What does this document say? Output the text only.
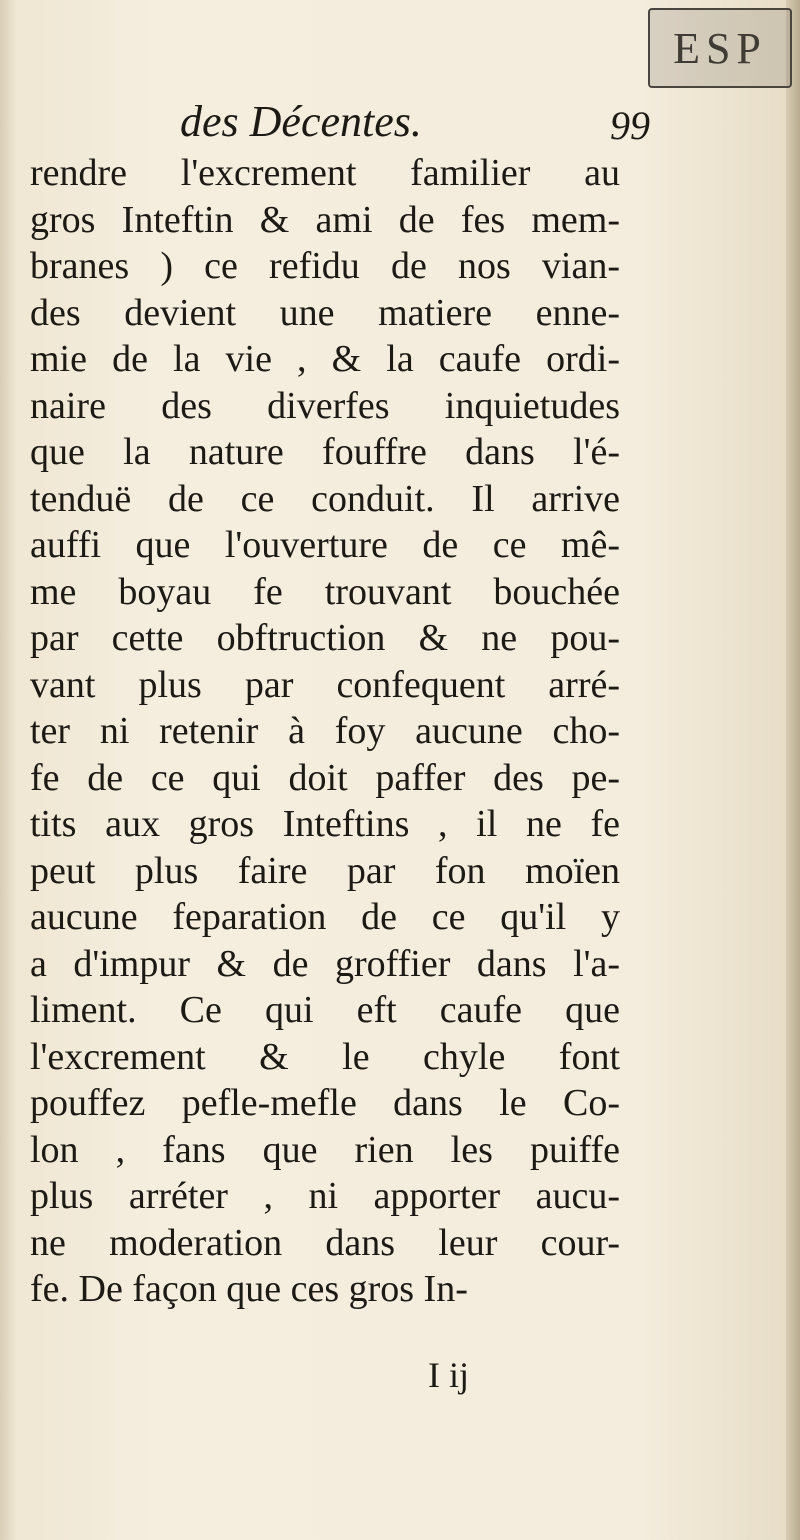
ESP
des Décentes.	99
rendre l'excrement familier au
gros Inteftin & ami de fes mem-
branes ) ce refidu de nos vian-
des devient une matiere enne-
mie de la vie , & la caufe ordi-
naire des diverfes inquietudes
que la nature fouffre dans l'é-
tenduë de ce conduit. Il arrive
auffi que l'ouverture de ce mê-
me boyau fe trouvant bouchée
par cette obftruction & ne pou-
vant plus par confequent arré-
ter ni retenir à foy aucune cho-
fe de ce qui doit paffer des pe-
tits aux gros Inteftins , il ne fe
peut plus faire par fon moïen
aucune feparation de ce qu'il y
a d'impur & de groffier dans l'a-
liment. Ce qui eft caufe que
l'excrement & le chyle font
pouffez pefle-mefle dans le Co-
lon , fans que rien les puiffe
plus arréter , ni apporter aucu-
ne moderation dans leur cour-
fe. De façon que ces gros In-
I ij
